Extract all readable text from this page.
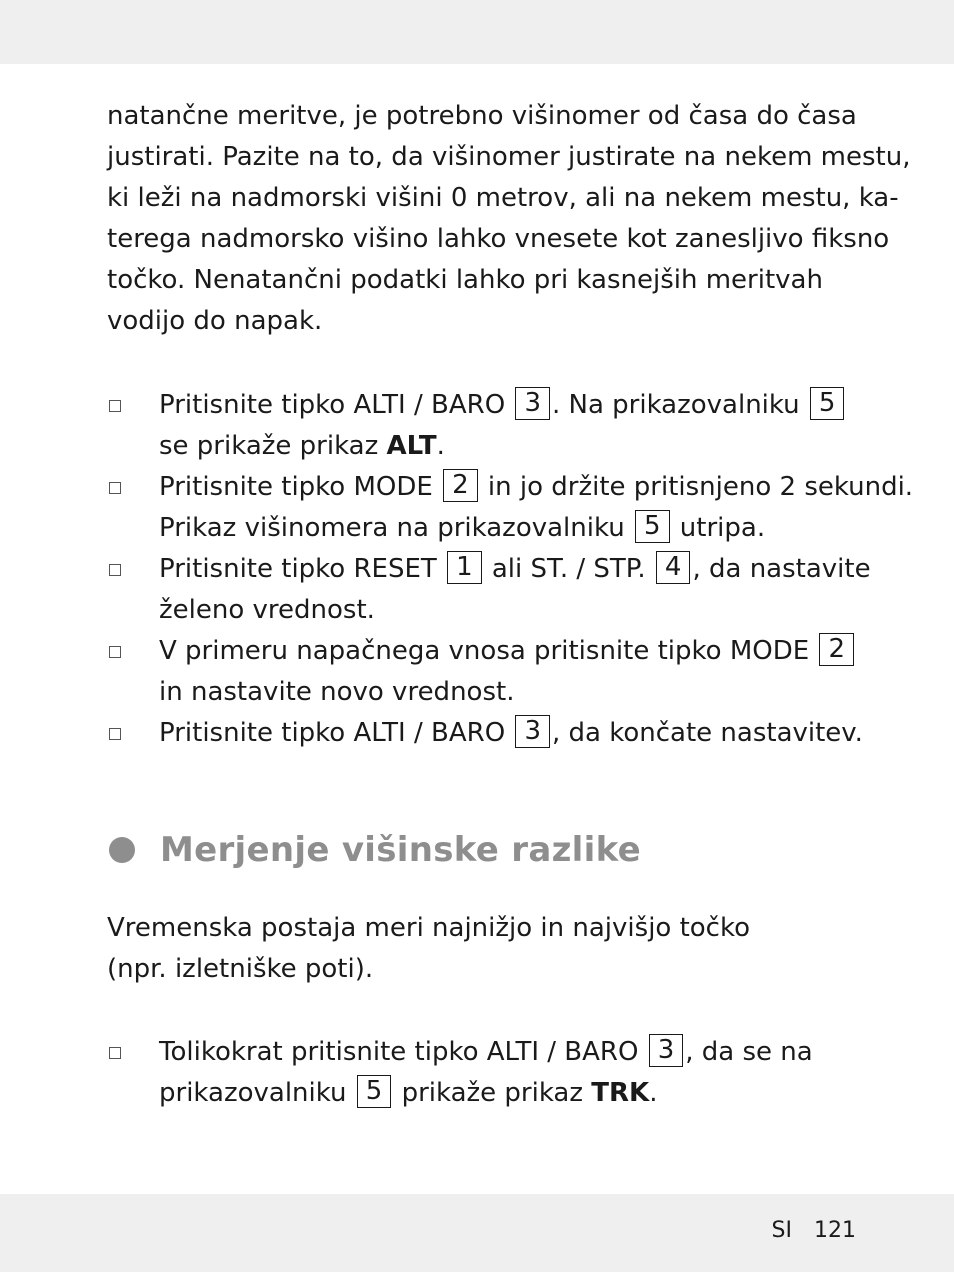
natančne meritve, je potrebno višinomer od časa do časa
justirati. Pazite na to, da višinomer justirate na nekem mestu,
ki leži na nadmorski višini 0 metrov, ali na nekem mestu, ka-
terega nadmorsko višino lahko vnesete kot zanesljivo fiksno
točko. Nenatančni podatki lahko pri kasnejših meritvah
vodijo do napak.

Pritisnite tipko ALTI / BARO 3 . Na prikazovalniku 5
se prikaže prikaz ALT.
Pritisnite tipko MODE 2 in jo držite pritisnjeno 2 sekundi.
Prikaz višinomera na prikazovalniku 5 utripa.
Pritisnite tipko RESET 1 ali ST. / STP. 4 , da nastavite
želeno vrednost.
V primeru napačnega vnosa pritisnite tipko MODE 2
in nastavite novo vrednost.
Pritisnite tipko ALTI / BARO 3 , da končate nastavitev.
Merjenje višinske razlike

Vremenska postaja meri najnižjo in najvišjo točko
(npr. izletniške poti).

Tolikokrat pritisnite tipko ALTI / BARO 3 , da se na
prikazovalniku 5 prikaže prikaz TRK.
SI 121
